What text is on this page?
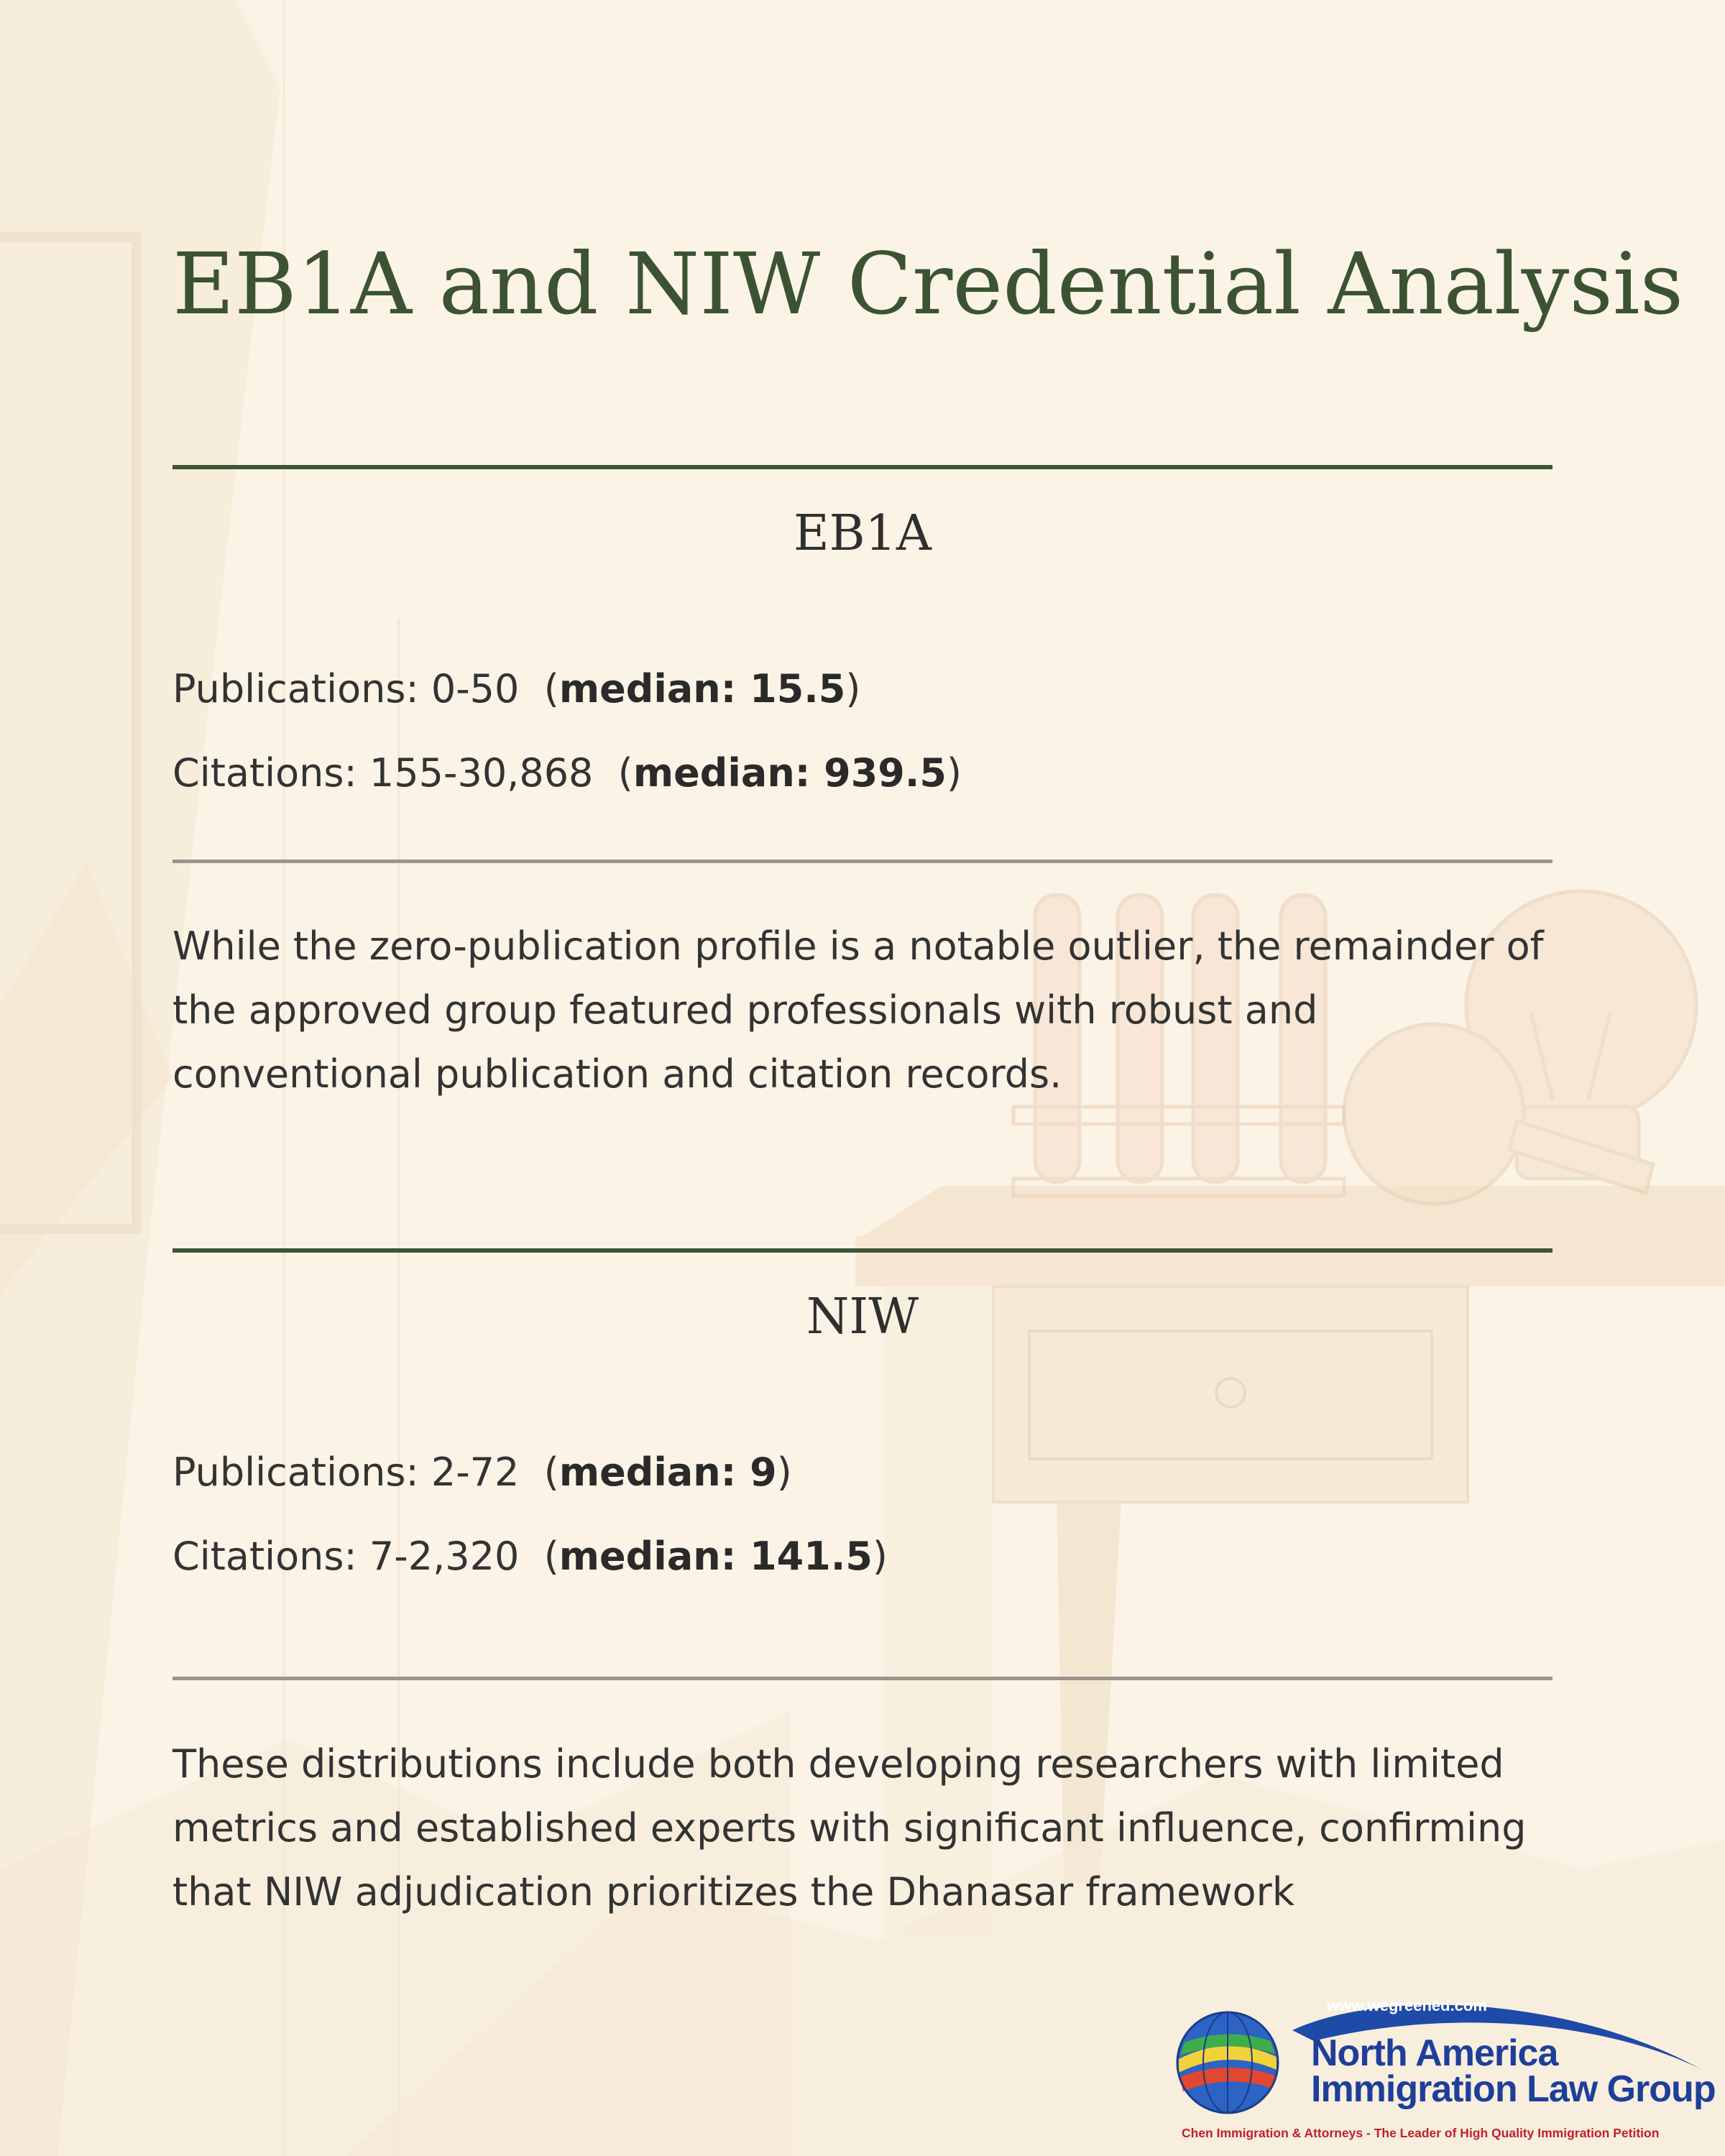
EB1A and NIW Credential Analysis
EB1A
Publications: 0-50 (median: 15.5)
Citations: 155-30,868 (median: 939.5)

While the zero-publication profile is a notable outlier, the remainder of the approved group featured professionals with robust and conventional publication and citation records.

NIW
Publications: 2-72 (median: 9)
Citations: 7-2,320 (median: 141.5)

These distributions include both developing researchers with limited metrics and established experts with significant influence, confirming that NIW adjudication prioritizes the Dhanasar framework

www.wegreened.com
North America
Immigration Law Group
Chen Immigration & Attorneys - The Leader of High Quality Immigration Petition
